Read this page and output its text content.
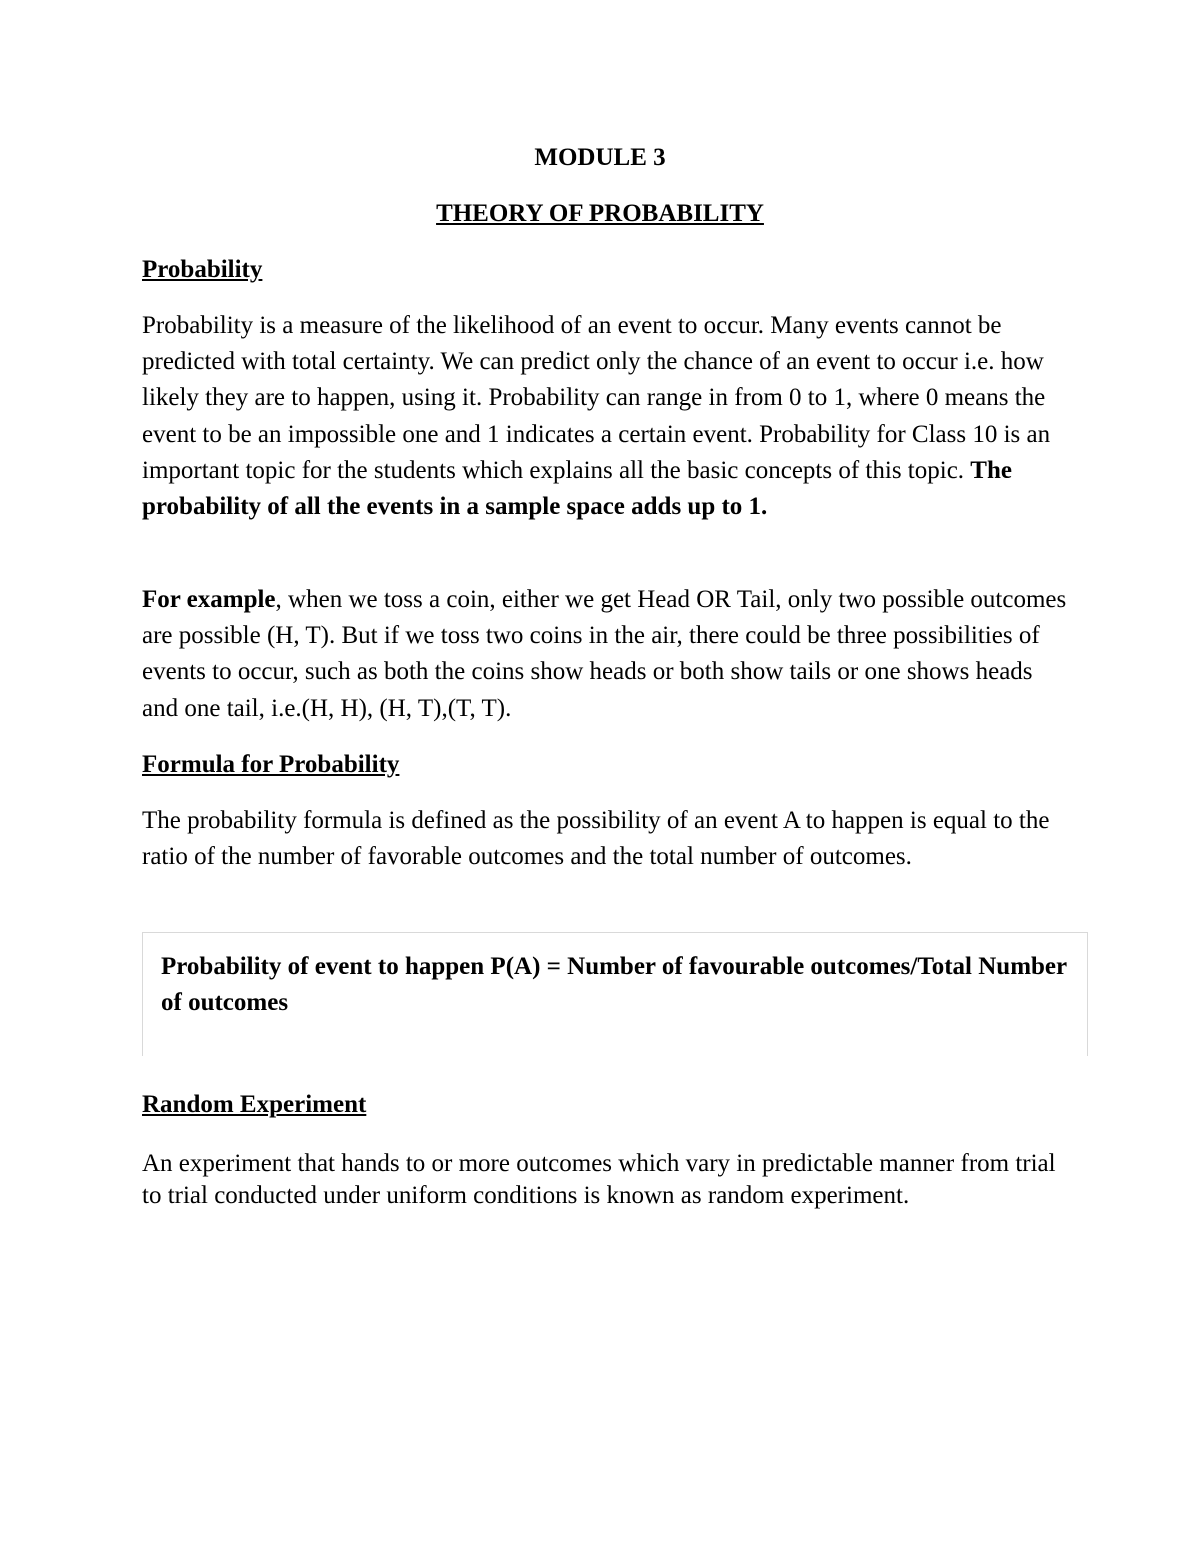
MODULE 3
THEORY OF PROBABILITY
Probability

Probability is a measure of the likelihood of an event to occur. Many events cannot be predicted with total certainty. We can predict only the chance of an event to occur i.e. how likely they are to happen, using it. Probability can range in from 0 to 1, where 0 means the event to be an impossible one and 1 indicates a certain event. Probability for Class 10 is an important topic for the students which explains all the basic concepts of this topic. The probability of all the events in a sample space adds up to 1.

For example, when we toss a coin, either we get Head OR Tail, only two possible outcomes are possible (H, T). But if we toss two coins in the air, there could be three possibilities of events to occur, such as both the coins show heads or both show tails or one shows heads and one tail, i.e.(H, H), (H, T),(T, T).

Formula for Probability

The probability formula is defined as the possibility of an event A to happen is equal to the ratio of the number of favorable outcomes and the total number of outcomes.

Probability of event to happen P(A) = Number of favourable outcomes/Total Number of outcomes

Random Experiment

An experiment that hands to or more outcomes which vary in predictable manner from trial to trial conducted under uniform conditions is known as random experiment.
